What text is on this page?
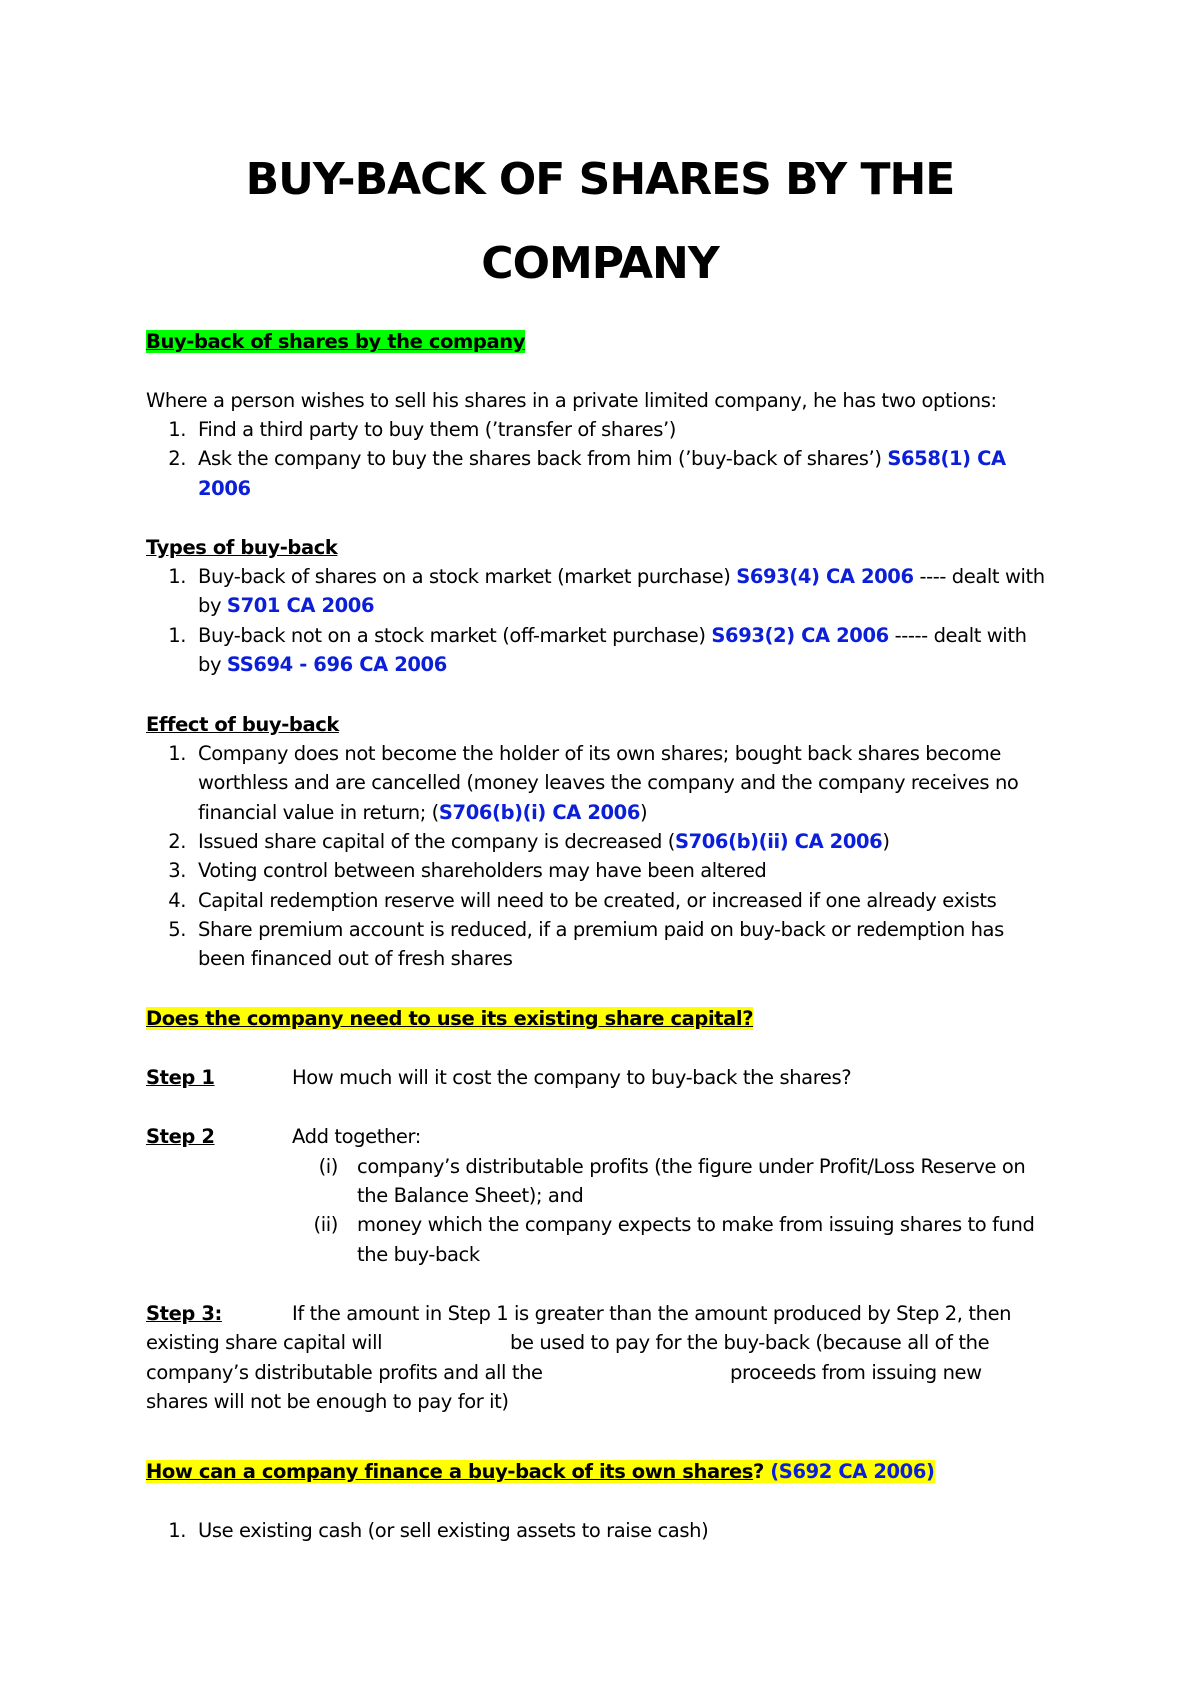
BUY-BACK OF SHARES BY THE
COMPANY
Buy-back of shares by the company
Where a person wishes to sell his shares in a private limited company, he has two options:
1. Find a third party to buy them (’transfer of shares’)
2. Ask the company to buy the shares back from him (’buy-back of shares’) S658(1) CA
2006
Types of buy-back
1. Buy-back of shares on a stock market (market purchase) S693(4) CA 2006 ---- dealt with
by S701 CA 2006
1. Buy-back not on a stock market (off-market purchase) S693(2) CA 2006 ----- dealt with
by SS694 - 696 CA 2006
Effect of buy-back
1. Company does not become the holder of its own shares; bought back shares become
worthless and are cancelled (money leaves the company and the company receives no
financial value in return; (S706(b)(i) CA 2006)
2. Issued share capital of the company is decreased (S706(b)(ii) CA 2006)
3. Voting control between shareholders may have been altered
4. Capital redemption reserve will need to be created, or increased if one already exists
5. Share premium account is reduced, if a premium paid on buy-back or redemption has
been financed out of fresh shares
Does the company need to use its existing share capital?
Step 1	How much will it cost the company to buy-back the shares?
Step 2	Add together:
(i) company’s distributable profits (the figure under Profit/Loss Reserve on
the Balance Sheet); and
(ii) money which the company expects to make from issuing shares to fund
the buy-back
Step 3:	If the amount in Step 1 is greater than the amount produced by Step 2, then
existing share capital will	be used to pay for the buy-back (because all of the
company’s distributable profits and all the	proceeds from issuing new
shares will not be enough to pay for it)
How can a company finance a buy-back of its own shares? (S692 CA 2006)
1. Use existing cash (or sell existing assets to raise cash)
